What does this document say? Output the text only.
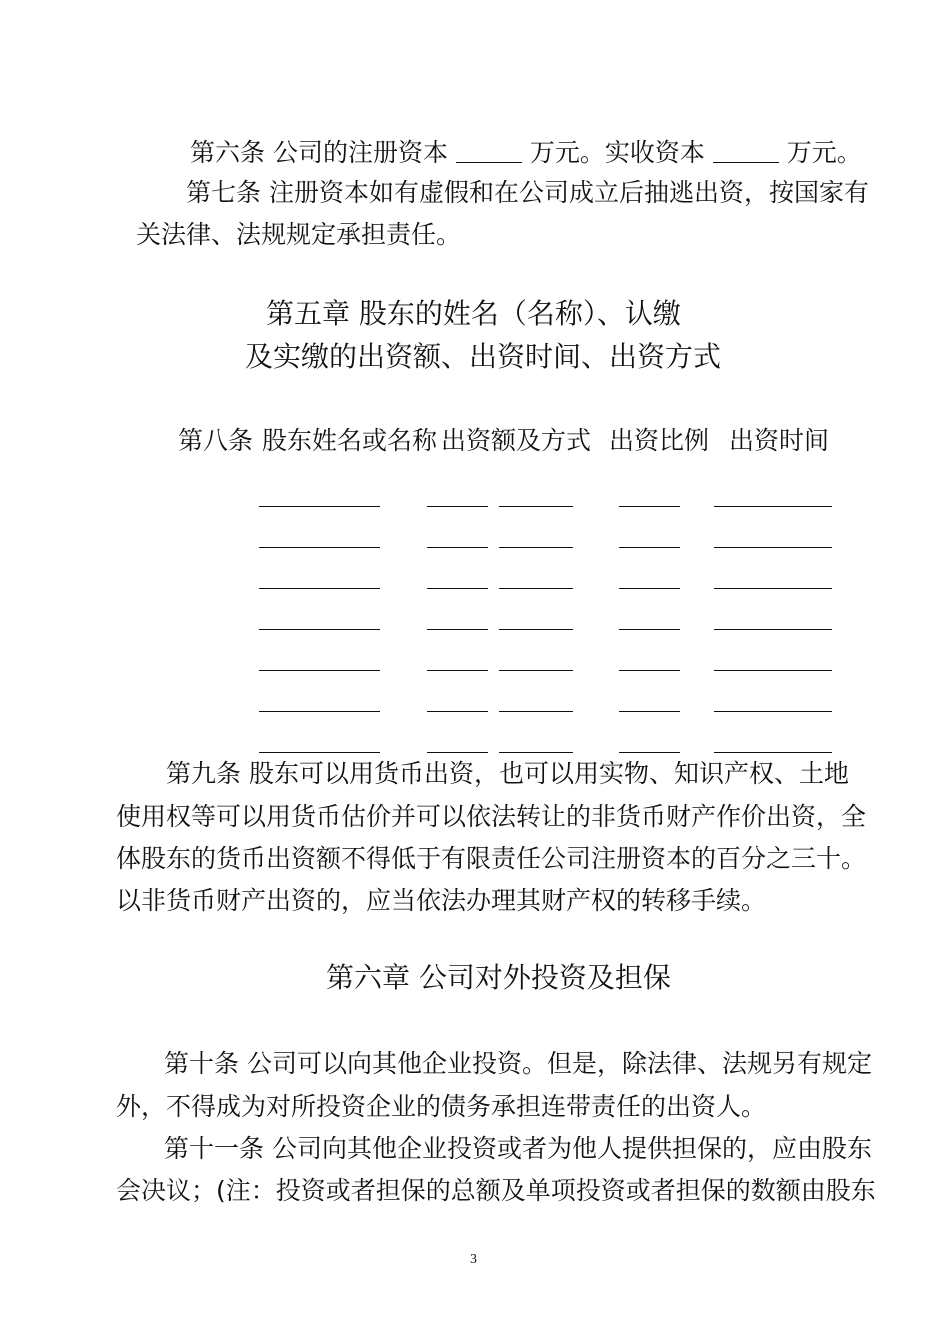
第六条 公司的注册资本	万元。实收资本	万元。
第七条 注册资本如有虚假和在公司成立后抽逃出资，按国家有
关法律、法规规定承担责任。
第五章 股东的姓名（名称）、认缴
及实缴的出资额、出资时间、出资方式
第八条 股东姓名或名称 出资额及方式 出资比例 出资时间
第九条 股东可以用货币出资，也可以用实物、知识产权、土地
使用权等可以用货币估价并可以依法转让的非货币财产作价出资，全
体股东的货币出资额不得低于有限责任公司注册资本的百分之三十。
以非货币财产出资的，应当依法办理其财产权的转移手续。
第六章 公司对外投资及担保
第十条 公司可以向其他企业投资。但是，除法律、法规另有规定
外，不得成为对所投资企业的债务承担连带责任的出资人。
第十一条 公司向其他企业投资或者为他人提供担保的，应由股东
会决议；(注：投资或者担保的总额及单项投资或者担保的数额由股东
3
